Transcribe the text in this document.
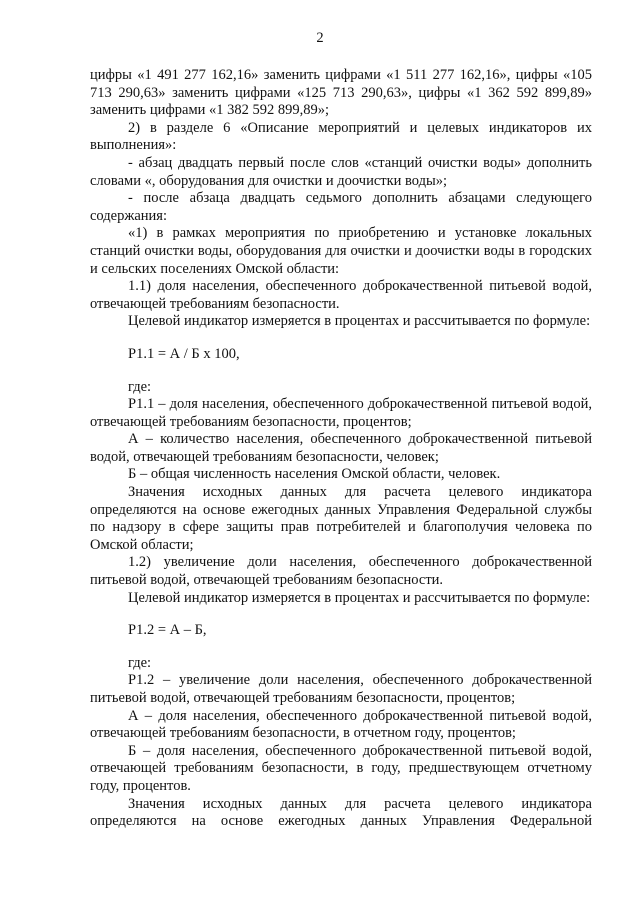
2

цифры «1 491 277 162,16» заменить цифрами «1 511 277 162,16», цифры «105 713 290,63» заменить цифрами «125 713 290,63», цифры «1 362 592 899,89» заменить цифрами «1 382 592 899,89»;

2) в разделе 6 «Описание мероприятий и целевых индикаторов их выполнения»:

- абзац двадцать первый после слов «станций очистки воды» дополнить словами «, оборудования для очистки и доочистки воды»;

- после абзаца двадцать седьмого дополнить абзацами следующего содержания:

«1) в рамках мероприятия по приобретению и установке локальных станций очистки воды, оборудования для очистки и доочистки воды в городских и сельских поселениях Омской области:

1.1) доля населения, обеспеченного доброкачественной питьевой водой, отвечающей требованиям безопасности.

Целевой индикатор измеряется в процентах и рассчитывается по формуле:

Р1.1 = А / Б х 100,

где:

Р1.1 – доля населения, обеспеченного доброкачественной питьевой водой, отвечающей требованиям безопасности, процентов;

А – количество населения, обеспеченного доброкачественной питьевой водой, отвечающей требованиям безопасности, человек;

Б – общая численность населения Омской области, человек.

Значения исходных данных для расчета целевого индикатора определяются на основе ежегодных данных Управления Федеральной службы по надзору в сфере защиты прав потребителей и благополучия человека по Омской области;

1.2) увеличение доли населения, обеспеченного доброкачественной питьевой водой, отвечающей требованиям безопасности.

Целевой индикатор измеряется в процентах и рассчитывается по формуле:

Р1.2 = А – Б,

где:

Р1.2 – увеличение доли населения, обеспеченного доброкачественной питьевой водой, отвечающей требованиям безопасности, процентов;

А – доля населения, обеспеченного доброкачественной питьевой водой, отвечающей требованиям безопасности, в отчетном году, процентов;

Б – доля населения, обеспеченного доброкачественной питьевой водой, отвечающей требованиям безопасности, в году, предшествующем отчетному году, процентов.

Значения исходных данных для расчета целевого индикатора определяются на основе ежегодных данных Управления Федеральной
